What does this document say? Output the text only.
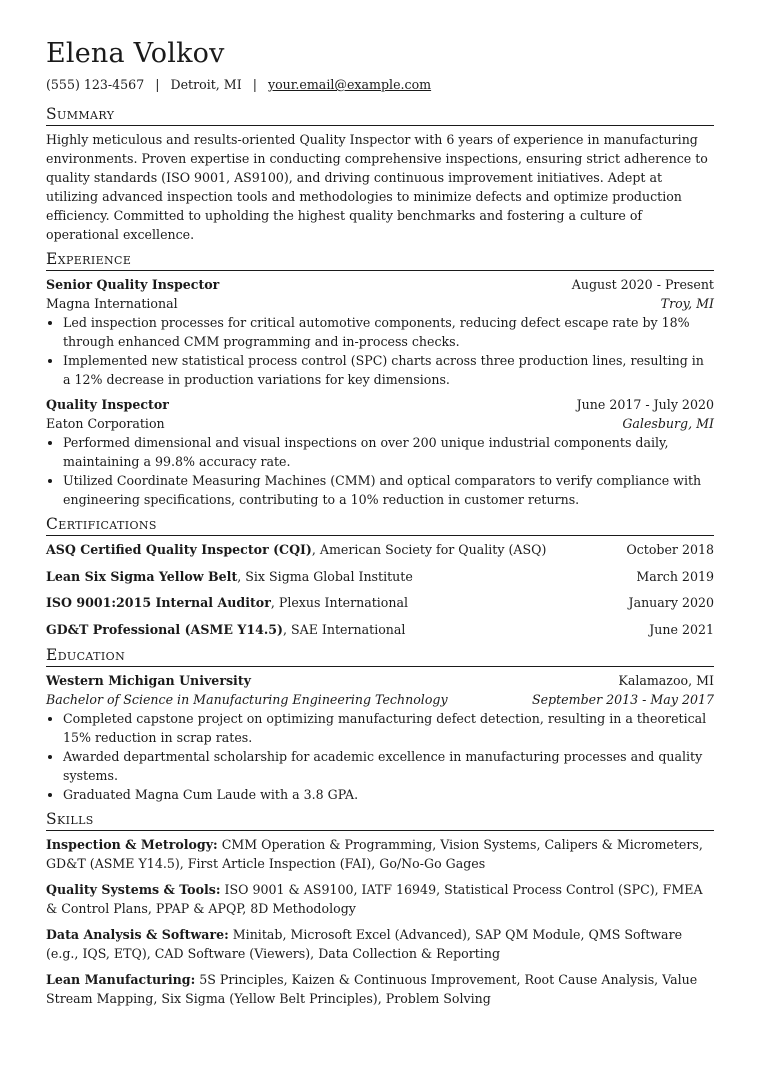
Elena Volkov
(555) 123-4567 | Detroit, MI | your.email@example.com
Summary

Highly meticulous and results-oriented Quality Inspector with 6 years of experience in manufacturing environments. Proven expertise in conducting comprehensive inspections, ensuring strict adherence to quality standards (ISO 9001, AS9100), and driving continuous improvement initiatives. Adept at utilizing advanced inspection tools and methodologies to minimize defects and optimize production efficiency. Committed to upholding the highest quality benchmarks and fostering a culture of operational excellence.

Experience
Senior Quality Inspector	August 2020 - Present
Magna International	Troy, MI
• Led inspection processes for critical automotive components, reducing defect escape rate by 18% through enhanced CMM programming and in-process checks.
• Implemented new statistical process control (SPC) charts across three production lines, resulting in a 12% decrease in production variations for key dimensions.
Quality Inspector	June 2017 - July 2020
Eaton Corporation	Galesburg, MI
• Performed dimensional and visual inspections on over 200 unique industrial components daily, maintaining a 99.8% accuracy rate.
• Utilized Coordinate Measuring Machines (CMM) and optical comparators to verify compliance with engineering specifications, contributing to a 10% reduction in customer returns.
Certifications
ASQ Certified Quality Inspector (CQI), American Society for Quality (ASQ)	October 2018
Lean Six Sigma Yellow Belt, Six Sigma Global Institute	March 2019
ISO 9001:2015 Internal Auditor, Plexus International	January 2020
GD&T Professional (ASME Y14.5), SAE International	June 2021
Education
Western Michigan University	Kalamazoo, MI
Bachelor of Science in Manufacturing Engineering Technology	September 2013 - May 2017
• Completed capstone project on optimizing manufacturing defect detection, resulting in a theoretical 15% reduction in scrap rates.
• Awarded departmental scholarship for academic excellence in manufacturing processes and quality systems.
• Graduated Magna Cum Laude with a 3.8 GPA.
Skills
Inspection & Metrology: CMM Operation & Programming, Vision Systems, Calipers & Micrometers, GD&T (ASME Y14.5), First Article Inspection (FAI), Go/No-Go Gages
Quality Systems & Tools: ISO 9001 & AS9100, IATF 16949, Statistical Process Control (SPC), FMEA & Control Plans, PPAP & APQP, 8D Methodology
Data Analysis & Software: Minitab, Microsoft Excel (Advanced), SAP QM Module, QMS Software (e.g., IQS, ETQ), CAD Software (Viewers), Data Collection & Reporting
Lean Manufacturing: 5S Principles, Kaizen & Continuous Improvement, Root Cause Analysis, Value Stream Mapping, Six Sigma (Yellow Belt Principles), Problem Solving
